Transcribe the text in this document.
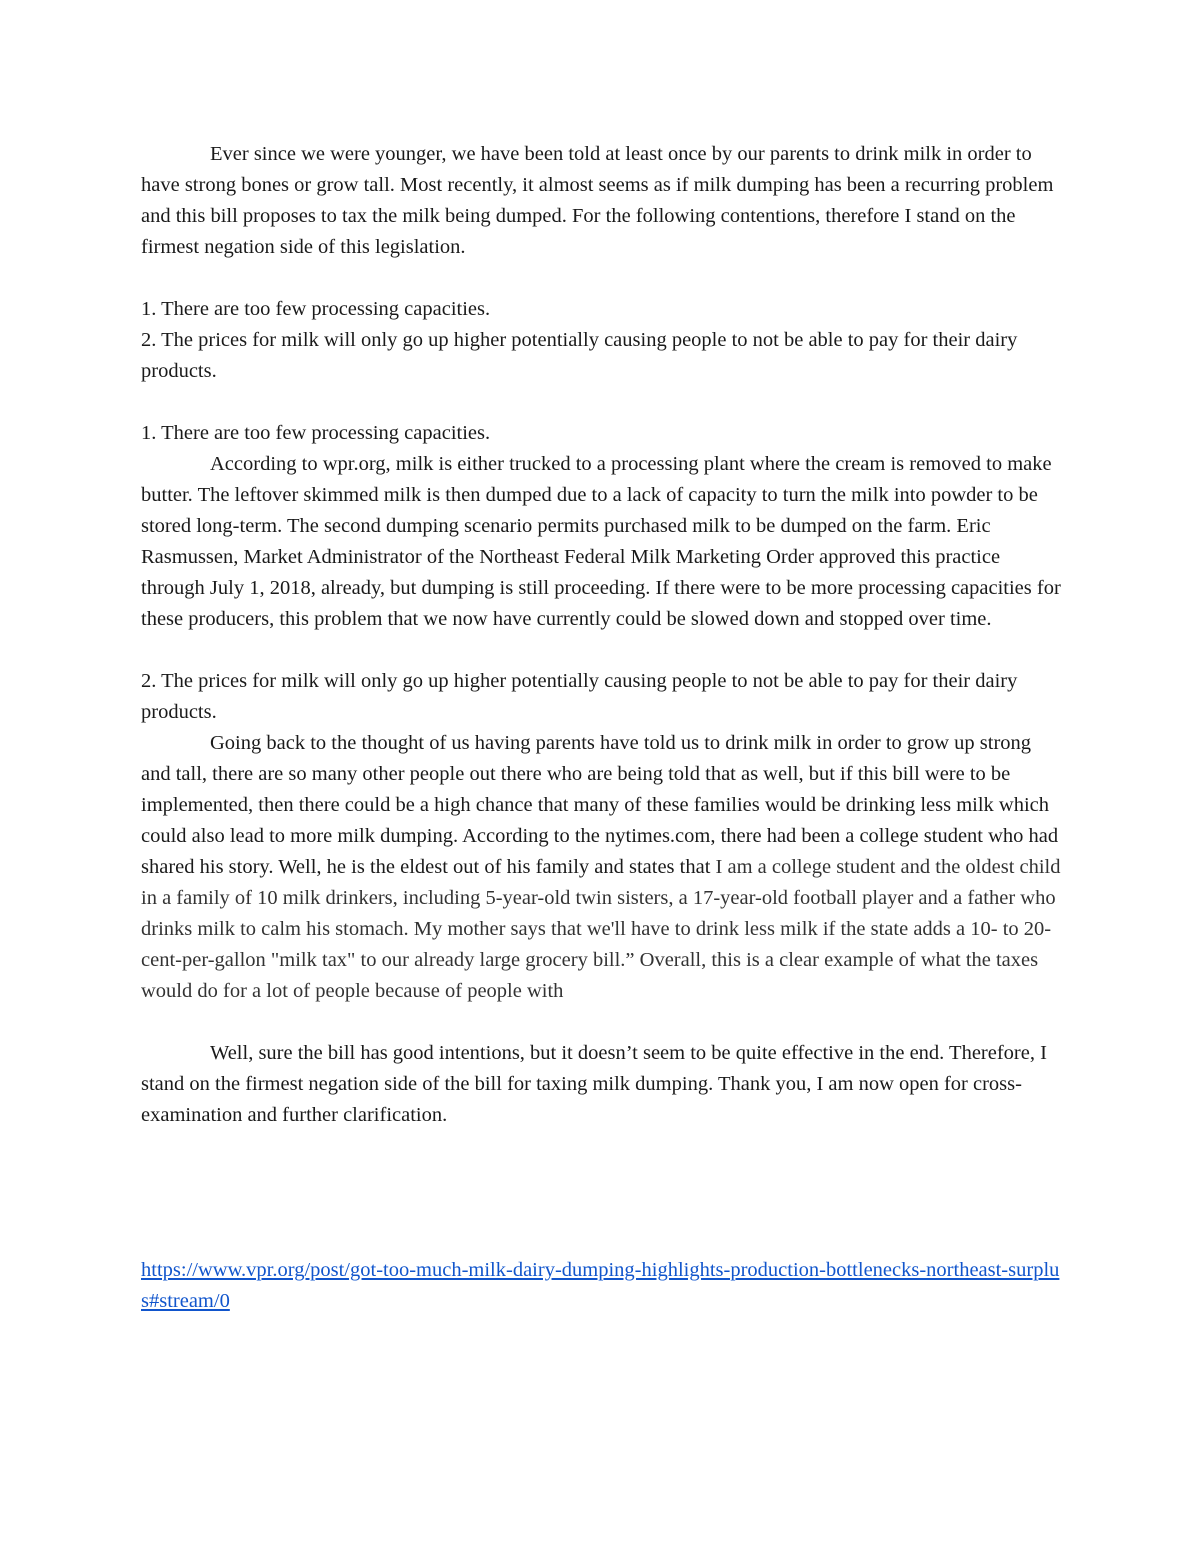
Ever since we were younger, we have been told at least once by our parents to drink milk in order to have strong bones or grow tall. Most recently, it almost seems as if milk dumping has been a recurring problem and this bill proposes to tax the milk being dumped. For the following contentions, therefore I stand on the firmest negation side of this legislation.

1. There are too few processing capacities.

2. The prices for milk will only go up higher potentially causing people to not be able to pay for their dairy products.

1. There are too few processing capacities.

According to wpr.org, milk is either trucked to a processing plant where the cream is removed to make butter. The leftover skimmed milk is then dumped due to a lack of capacity to turn the milk into powder to be stored long-term. The second dumping scenario permits purchased milk to be dumped on the farm. Eric Rasmussen, Market Administrator of the Northeast Federal Milk Marketing Order approved this practice through July 1, 2018, already, but dumping is still proceeding. If there were to be more processing capacities for these producers, this problem that we now have currently could be slowed down and stopped over time.

2. The prices for milk will only go up higher potentially causing people to not be able to pay for their dairy products.

Going back to the thought of us having parents have told us to drink milk in order to grow up strong and tall, there are so many other people out there who are being told that as well, but if this bill were to be implemented, then there could be a high chance that many of these families would be drinking less milk which could also lead to more milk dumping. According to the nytimes.com, there had been a college student who had shared his story. Well, he is the eldest out of his family and states that I am a college student and the oldest child in a family of 10 milk drinkers, including 5-year-old twin sisters, a 17-year-old football player and a father who drinks milk to calm his stomach. My mother says that we'll have to drink less milk if the state adds a 10- to 20-cent-per-gallon "milk tax" to our already large grocery bill.” Overall, this is a clear example of what the taxes would do for a lot of people because of people with

Well, sure the bill has good intentions, but it doesn’t seem to be quite effective in the end. Therefore, I stand on the firmest negation side of the bill for taxing milk dumping. Thank you, I am now open for cross-examination and further clarification.

https://www.vpr.org/post/got-too-much-milk-dairy-dumping-highlights-production-bottlenecks-northeast-surplus#stream/0
